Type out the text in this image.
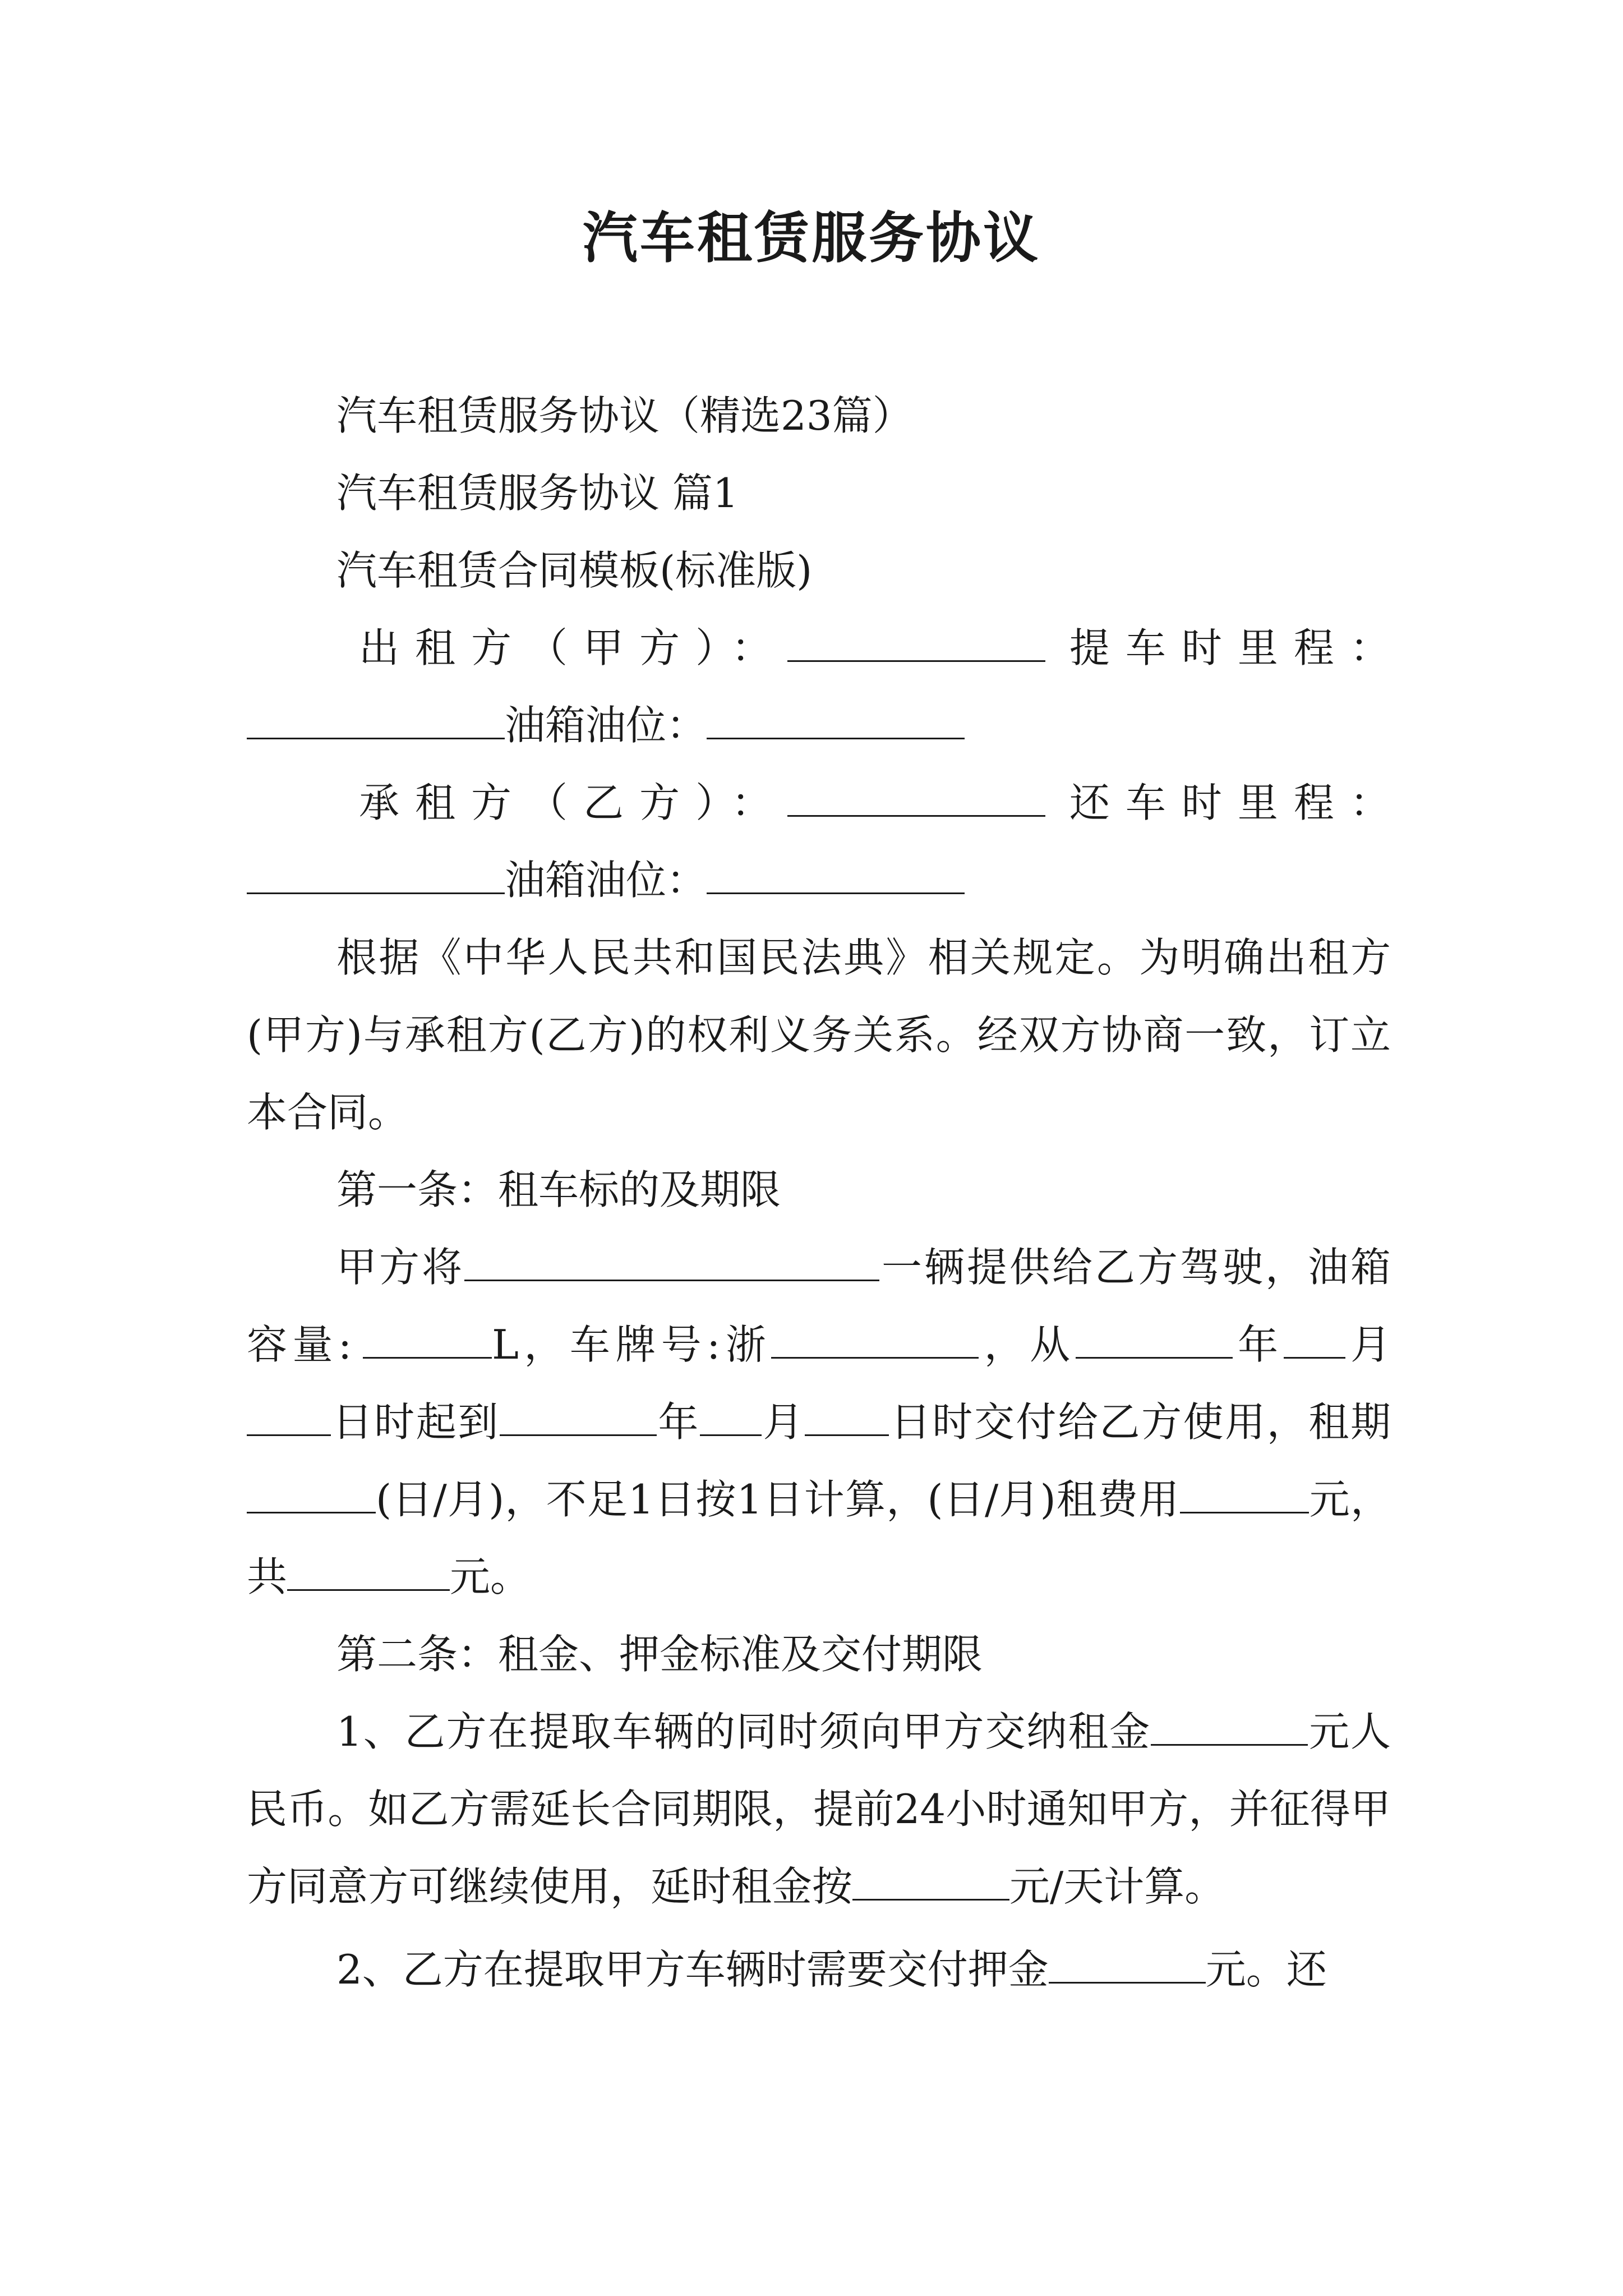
汽车租赁服务协议

汽车租赁服务协议（精选23篇）

汽车租赁服务协议 篇1

汽车租赁合同模板(标准版)

出租方（甲方）：	提车时里程：

油箱油位：

承租方（乙方）：	还车时里程：

油箱油位：

根据《中华人民共和国民法典》相关规定。为明确出租方(甲方)与承租方(乙方)的权利义务关系。经双方协商一致，订立本合同。

第一条：租车标的及期限

甲方将	一辆提供给乙方驾驶，油箱容量:	L，车牌号:浙	，从	年 月日时起到	年 月 日时交付给乙方使用，租期(日/月)，不足1日按1日计算，(日/月)租费用	元，共	元。

第二条：租金、押金标准及交付期限

1、乙方在提取车辆的同时须向甲方交纳租金	元人民币。如乙方需延长合同期限，提前24小时通知甲方，并征得甲方同意方可继续使用，延时租金按	元/天计算。

2、乙方在提取甲方车辆时需要交付押金	元。还
